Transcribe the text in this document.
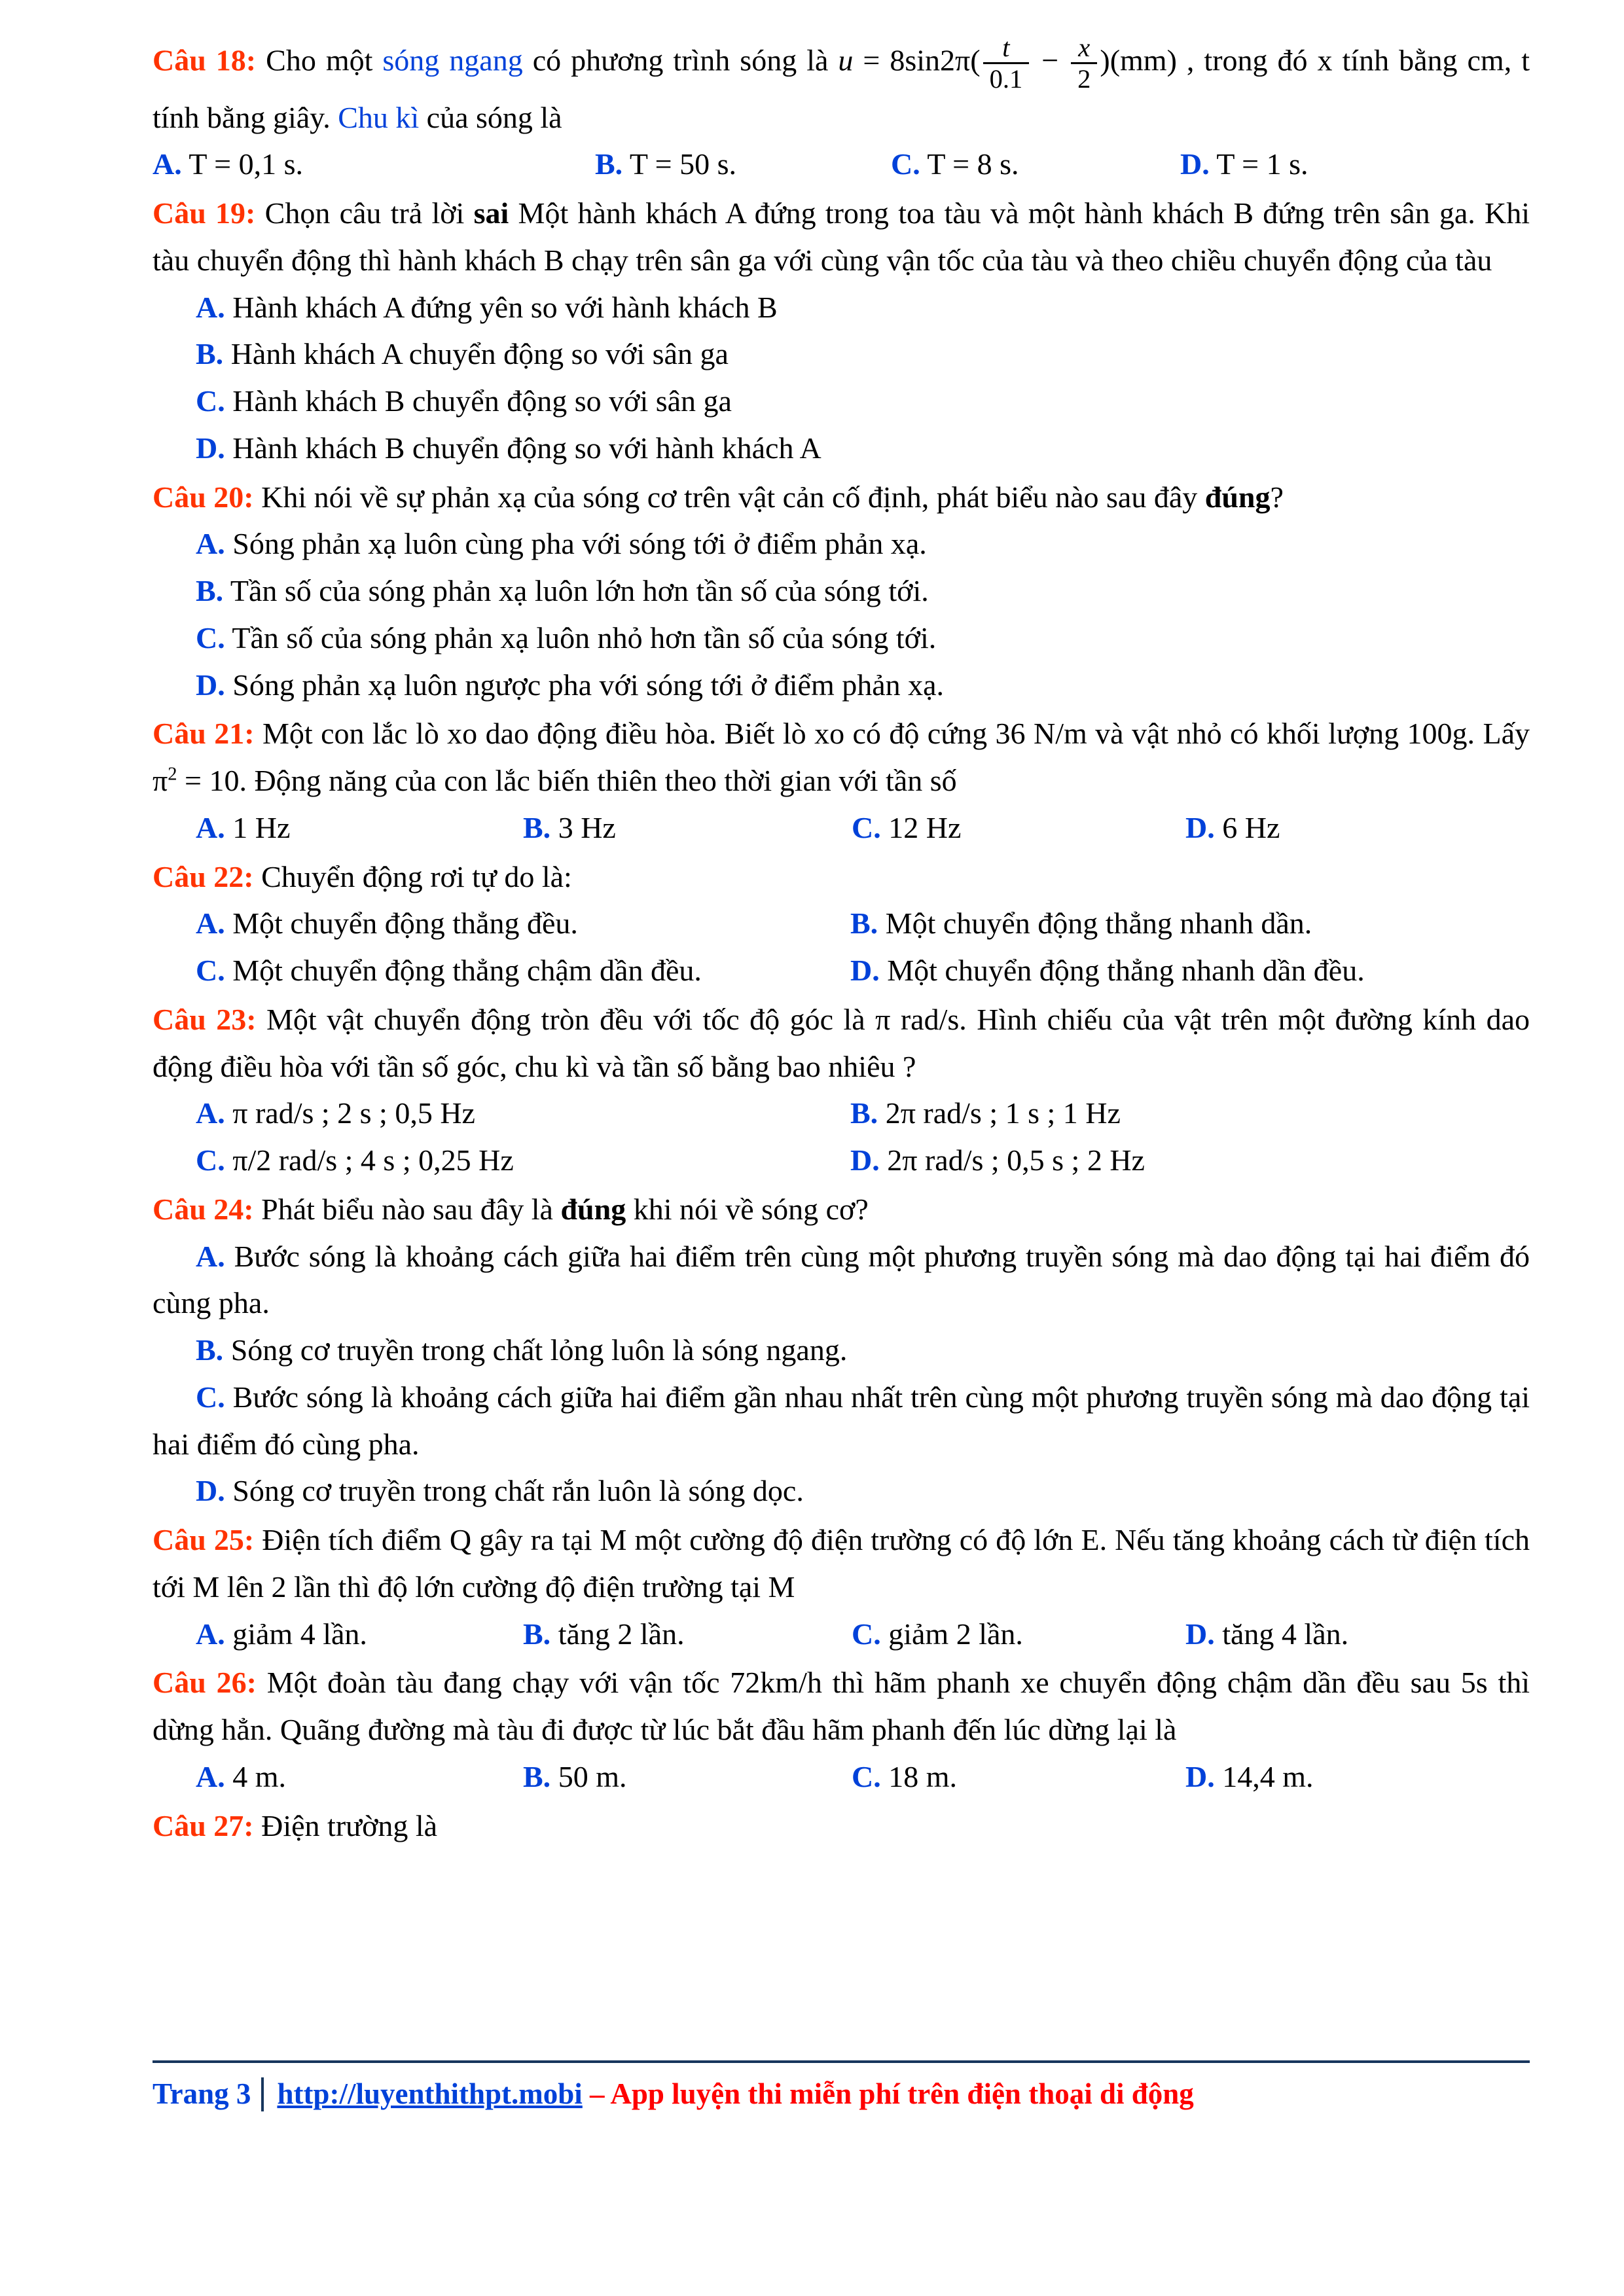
Câu 18: Cho một sóng ngang có phương trình sóng là $u = 8\sin 2\pi( \frac{t}{0.1} - \frac{x}{2} )(mm)$ , trong đó x tính bằng cm, t tính bằng giây. Chu kì của sóng là
A. T = 0,1 s.	B. T = 50 s.	C. T = 8 s.	D. T = 1 s.
Câu 19: Chọn câu trả lời sai Một hành khách A đứng trong toa tàu và một hành khách B đứng trên sân ga. Khi tàu chuyển động thì hành khách B chạy trên sân ga với cùng vận tốc của tàu và theo chiều chuyển động của tàu
A. Hành khách A đứng yên so với hành khách B
B. Hành khách A chuyển động so với sân ga
C. Hành khách B chuyển động so với sân ga
D. Hành khách B chuyển động so với hành khách A
Câu 20: Khi nói về sự phản xạ của sóng cơ trên vật cản cố định, phát biểu nào sau đây đúng?
A. Sóng phản xạ luôn cùng pha với sóng tới ở điểm phản xạ.
B. Tần số của sóng phản xạ luôn lớn hơn tần số của sóng tới.
C. Tần số của sóng phản xạ luôn nhỏ hơn tần số của sóng tới.
D. Sóng phản xạ luôn ngược pha với sóng tới ở điểm phản xạ.
Câu 21: Một con lắc lò xo dao động điều hòa. Biết lò xo có độ cứng 36 N/m và vật nhỏ có khối lượng 100g. Lấy $\pi^2 = 10$. Động năng của con lắc biến thiên theo thời gian với tần số
A. 1 Hz	B. 3 Hz	C. 12 Hz	D. 6 Hz
Câu 22: Chuyển động rơi tự do là:
A. Một chuyển động thẳng đều.	B. Một chuyển động thẳng nhanh dần.
C. Một chuyển động thẳng chậm dần đều.	D. Một chuyển động thẳng nhanh dần đều.
Câu 23: Một vật chuyển động tròn đều với tốc độ góc là π rad/s. Hình chiếu của vật trên một đường kính dao động điều hòa với tần số góc, chu kì và tần số bằng bao nhiêu ?
A. π rad/s ; 2 s ; 0,5 Hz	B. 2π rad/s ; 1 s ; 1 Hz
C. π/2 rad/s ; 4 s ; 0,25 Hz	D. 2π rad/s ; 0,5 s ; 2 Hz
Câu 24: Phát biểu nào sau đây là đúng khi nói về sóng cơ?
A. Bước sóng là khoảng cách giữa hai điểm trên cùng một phương truyền sóng mà dao động tại hai điểm đó cùng pha.
B. Sóng cơ truyền trong chất lỏng luôn là sóng ngang.
C. Bước sóng là khoảng cách giữa hai điểm gần nhau nhất trên cùng một phương truyền sóng mà dao động tại hai điểm đó cùng pha.
D. Sóng cơ truyền trong chất rắn luôn là sóng dọc.
Câu 25: Điện tích điểm Q gây ra tại M một cường độ điện trường có độ lớn E. Nếu tăng khoảng cách từ điện tích tới M lên 2 lần thì độ lớn cường độ điện trường tại M
A. giảm 4 lần.	B. tăng 2 lần.	C. giảm 2 lần.	D. tăng 4 lần.
Câu 26: Một đoàn tàu đang chạy với vận tốc 72km/h thì hãm phanh xe chuyển động chậm dần đều sau 5s thì dừng hẳn. Quãng đường mà tàu đi được từ lúc bắt đầu hãm phanh đến lúc dừng lại là
A. 4 m.	B. 50 m.	C. 18 m.	D. 14,4 m.
Câu 27: Điện trường là
Trang 3 http://luyenthithpt.mobi – App luyện thi miễn phí trên điện thoại di động
